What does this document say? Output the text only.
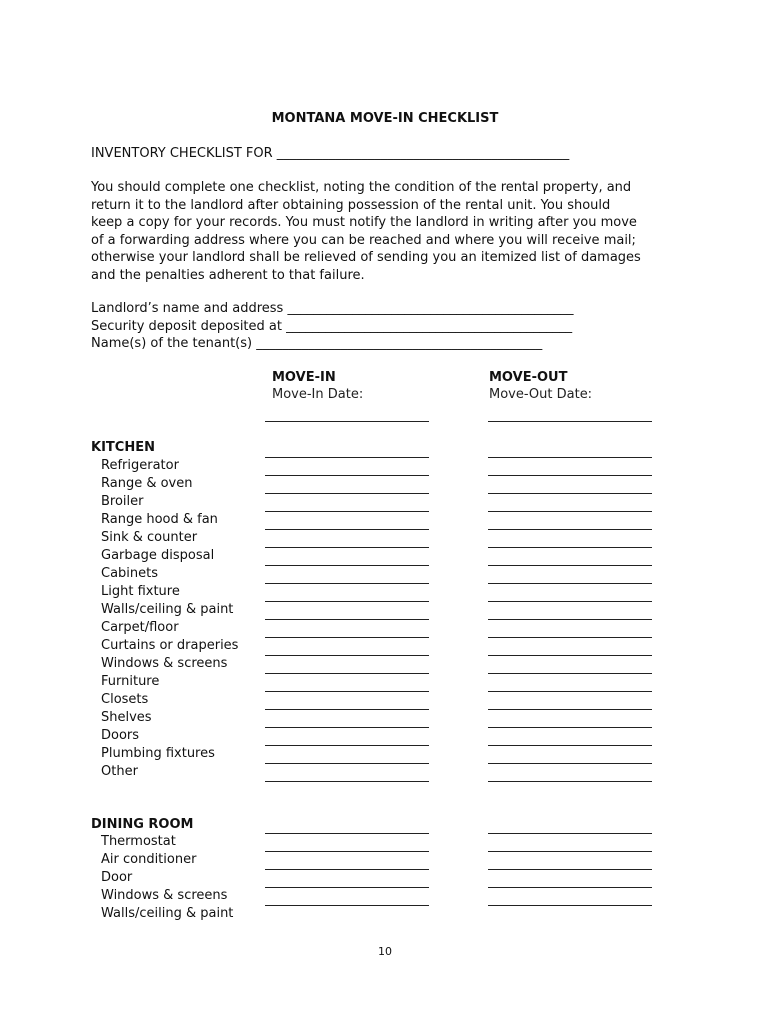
MONTANA MOVE-IN CHECKLIST
INVENTORY CHECKLIST FOR _____________________________________________
You should complete one checklist, noting the condition of the rental property, and
return it to the landlord after obtaining possession of the rental unit. You should
keep a copy for your records. You must notify the landlord in writing after you move
of a forwarding address where you can be reached and where you will receive mail;
otherwise your landlord shall be relieved of sending you an itemized list of damages
and the penalties adherent to that failure.
Landlord’s name and address ____________________________________________
Security deposit deposited at ____________________________________________
Name(s) of the tenant(s) ____________________________________________
MOVE-IN
Move-In Date:
MOVE-OUT
Move-Out Date:
KITCHEN
Refrigerator
Range & oven
Broiler
Range hood & fan
Sink & counter
Garbage disposal
Cabinets
Light fixture
Walls/ceiling & paint
Carpet/floor
Curtains or draperies
Windows & screens
Furniture
Closets
Shelves
Doors
Plumbing fixtures
Other
DINING ROOM
Thermostat
Air conditioner
Door
Windows & screens
Walls/ceiling & paint
10
